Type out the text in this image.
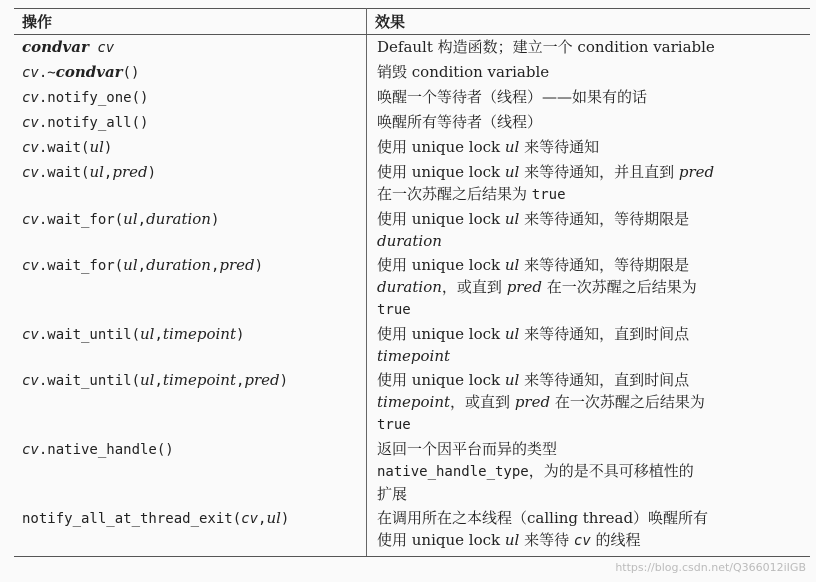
操作	效果
condvar cv	Default 构造函数；建立一个 condition variable
cv.~condvar()	销毁 condition variable
cv.notify_one()	唤醒一个等待者（线程）——如果有的话
cv.notify_all()	唤醒所有等待者（线程）
cv.wait(ul)	使用 unique lock ul 来等待通知
cv.wait(ul,pred)	使用 unique lock ul 来等待通知，并且直到 pred
在一次苏醒之后结果为 true
cv.wait_for(ul,duration)	使用 unique lock ul 来等待通知，等待期限是
duration
cv.wait_for(ul,duration,pred)	使用 unique lock ul 来等待通知，等待期限是
duration，或直到 pred 在一次苏醒之后结果为
true
cv.wait_until(ul,timepoint)	使用 unique lock ul 来等待通知，直到时间点
timepoint
cv.wait_until(ul,timepoint,pred)	使用 unique lock ul 来等待通知，直到时间点
timepoint，或直到 pred 在一次苏醒之后结果为
true
cv.native_handle()	返回一个因平台而异的类型
native_handle_type，为的是不具可移植性的
扩展
notify_all_at_thread_exit(cv,ul)	在调用所在之本线程（calling thread）唤醒所有
使用 unique lock ul 来等待 cv 的线程
https://blog.csdn.net/Q366012iIGB
